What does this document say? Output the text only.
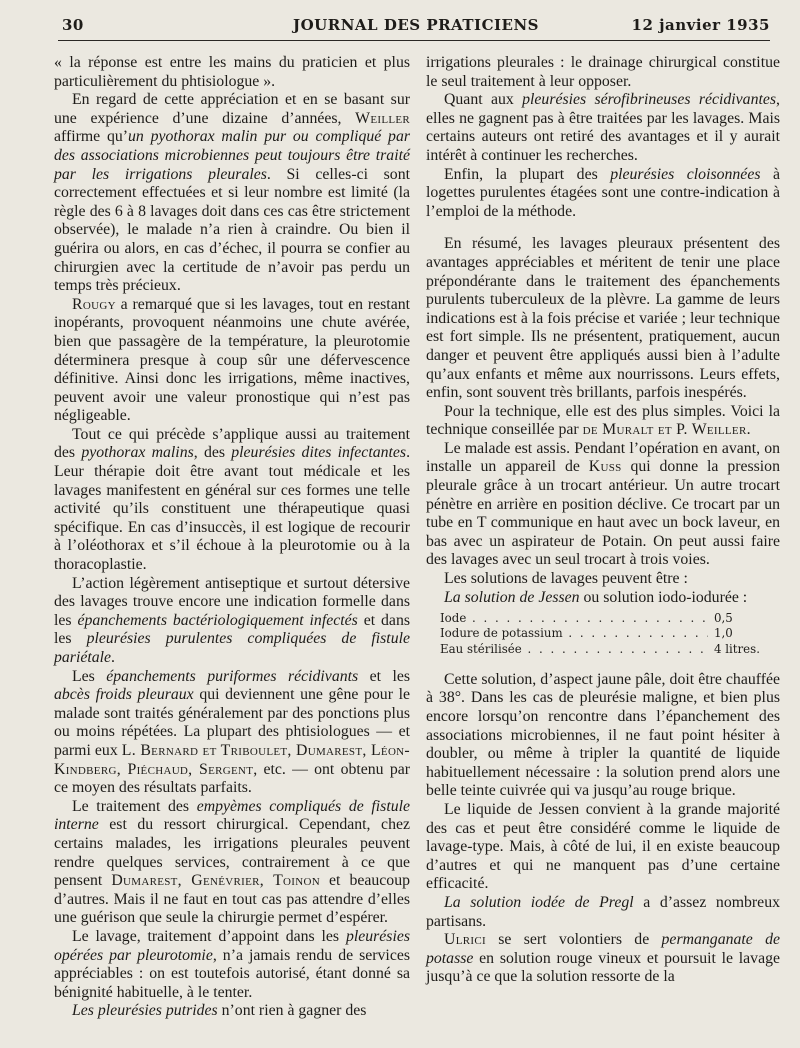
30	JOURNAL DES PRATICIENS	12 janvier 1935

« la réponse est entre les mains du praticien et plus particulièrement du phtisiologue ».

En regard de cette appréciation et en se basant sur une expérience d’une dizaine d’années, Weiller affirme qu’un pyothorax malin pur ou compliqué par des associations microbiennes peut toujours être traité par les irrigations pleurales. Si celles-ci sont correctement effectuées et si leur nombre est limité (la règle des 6 à 8 lavages doit dans ces cas être strictement observée), le malade n’a rien à craindre. Ou bien il guérira ou alors, en cas d’échec, il pourra se confier au chirurgien avec la certitude de n’avoir pas perdu un temps très précieux.

Rougy a remarqué que si les lavages, tout en restant inopérants, provoquent néanmoins une chute avérée, bien que passagère de la température, la pleurotomie déterminera presque à coup sûr une défervescence définitive. Ainsi donc les irrigations, même inactives, peuvent avoir une valeur pronostique qui n’est pas négligeable.

Tout ce qui précède s’applique aussi au traitement des pyothorax malins, des pleurésies dites infectantes. Leur thérapie doit être avant tout médicale et les lavages manifestent en général sur ces formes une telle activité qu’ils constituent une thérapeutique quasi spécifique. En cas d’insuccès, il est logique de recourir à l’oléothorax et s’il échoue à la pleurotomie ou à la thoracoplastie.

L’action légèrement antiseptique et surtout détersive des lavages trouve encore une indication formelle dans les épanchements bactériologiquement infectés et dans les pleurésies purulentes compliquées de fistule pariétale.

Les épanchements puriformes récidivants et les abcès froids pleuraux qui deviennent une gêne pour le malade sont traités généralement par des ponctions plus ou moins répétées. La plupart des phtisiologues — et parmi eux L. Bernard et Triboulet, Dumarest, Léon-Kindberg, Piéchaud, Sergent, etc. — ont obtenu par ce moyen des résultats parfaits.

Le traitement des empyèmes compliqués de fistule interne est du ressort chirurgical. Cependant, chez certains malades, les irrigations pleurales peuvent rendre quelques services, contrairement à ce que pensent Dumarest, Genévrier, Toinon et beaucoup d’autres. Mais il ne faut en tout cas pas attendre d’elles une guérison que seule la chirurgie permet d’espérer.

Le lavage, traitement d’appoint dans les pleurésies opérées par pleurotomie, n’a jamais rendu de services appréciables : on est toutefois autorisé, étant donné sa bénignité habituelle, à le tenter.

Les pleurésies putrides n’ont rien à gagner des

irrigations pleurales : le drainage chirurgical constitue le seul traitement à leur opposer.

Quant aux pleurésies sérofibrineuses récidivantes, elles ne gagnent pas à être traitées par les lavages. Mais certains auteurs ont retiré des avantages et il y aurait intérêt à continuer les recherches.

Enfin, la plupart des pleurésies cloisonnées à logettes purulentes étagées sont une contre-indication à l’emploi de la méthode.

En résumé, les lavages pleuraux présentent des avantages appréciables et méritent de tenir une place prépondérante dans le traitement des épanchements purulents tuberculeux de la plèvre. La gamme de leurs indications est à la fois précise et variée ; leur technique est fort simple. Ils ne présentent, pratiquement, aucun danger et peuvent être appliqués aussi bien à l’adulte qu’aux enfants et même aux nourrissons. Leurs effets, enfin, sont souvent très brillants, parfois inespérés.

Pour la technique, elle est des plus simples. Voici la technique conseillée par de Muralt et P. Weiller.

Le malade est assis. Pendant l’opération en avant, on installe un appareil de Kuss qui donne la pression pleurale grâce à un trocart antérieur. Un autre trocart pénètre en arrière en position déclive. Ce trocart par un tube en T communique en haut avec un bock laveur, en bas avec un aspirateur de Potain. On peut aussi faire des lavages avec un seul trocart à trois voies.

Les solutions de lavages peuvent être :

La solution de Jessen ou solution iodo-iodurée :

Iode . . .	0,5
Iodure de potassium . . .	1,0
Eau stérilisée . . .	4 litres.

Cette solution, d’aspect jaune pâle, doit être chauffée à 38°. Dans les cas de pleurésie maligne, et bien plus encore lorsqu’on rencontre dans l’épanchement des associations microbiennes, il ne faut point hésiter à doubler, ou même à tripler la quantité de liquide habituellement nécessaire : la solution prend alors une belle teinte cuivrée qui va jusqu’au rouge brique.

Le liquide de Jessen convient à la grande majorité des cas et peut être considéré comme le liquide de lavage-type. Mais, à côté de lui, il en existe beaucoup d’autres et qui ne manquent pas d’une certaine efficacité.

La solution iodée de Pregl a d’assez nombreux partisans.

Ulrici se sert volontiers de permanganate de potasse en solution rouge vineux et poursuit le lavage jusqu’à ce que la solution ressorte de la
